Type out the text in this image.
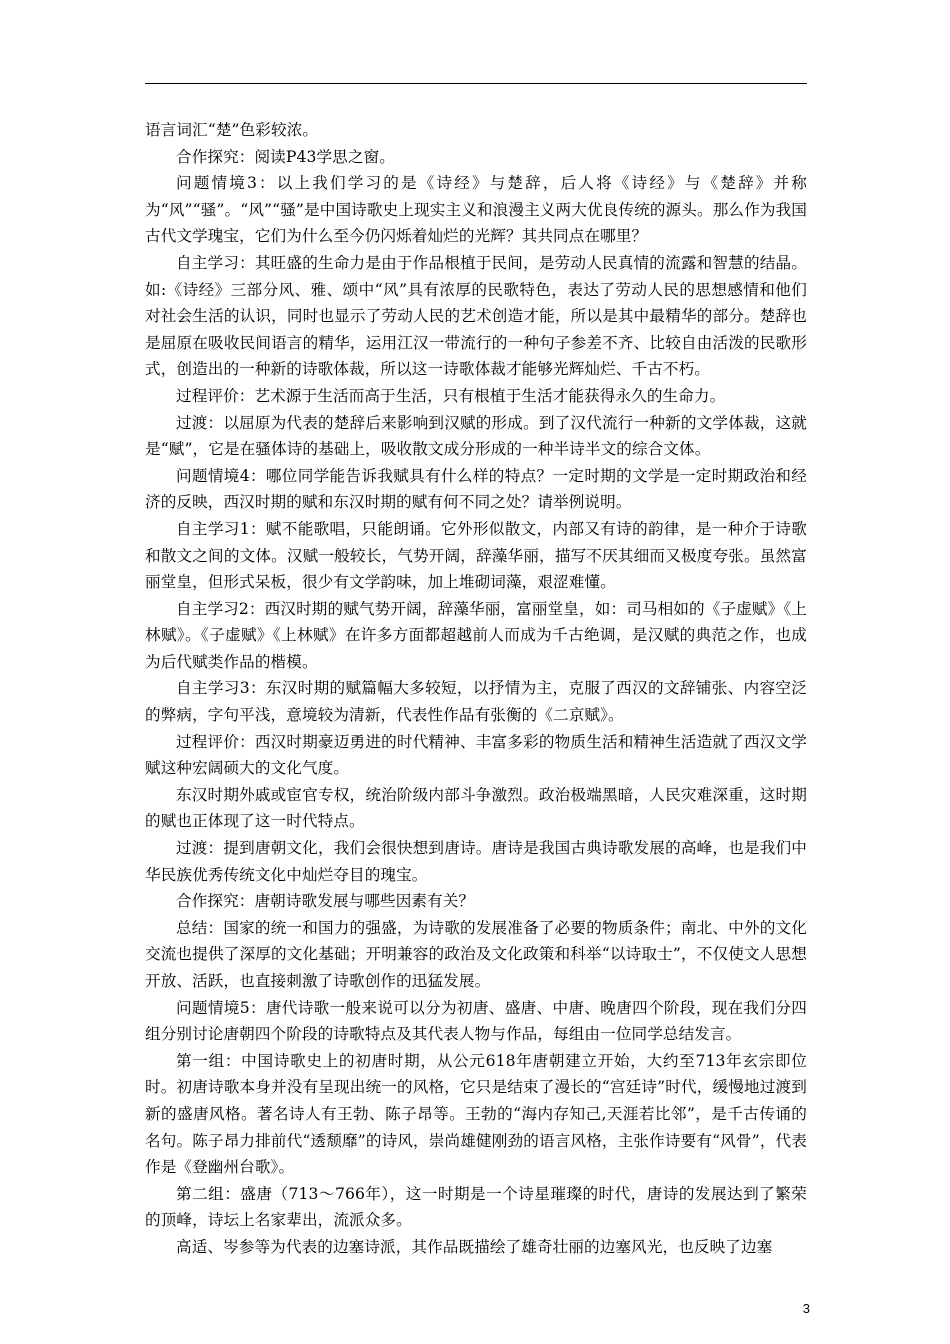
语言词汇“楚”色彩较浓。

合作探究：阅读P43学思之窗。

问题情境3：以上我们学习的是《诗经》与楚辞，后人将《诗经》与《楚辞》并称为“风”“骚”。“风”“骚”是中国诗歌史上现实主义和浪漫主义两大优良传统的源头。那么作为我国古代文学瑰宝，它们为什么至今仍闪烁着灿烂的光辉？其共同点在哪里？

自主学习：其旺盛的生命力是由于作品根植于民间，是劳动人民真情的流露和智慧的结晶。如:《诗经》三部分风、雅、颂中“风”具有浓厚的民歌特色，表达了劳动人民的思想感情和他们对社会生活的认识，同时也显示了劳动人民的艺术创造才能，所以是其中最精华的部分。楚辞也是屈原在吸收民间语言的精华，运用江汉一带流行的一种句子参差不齐、比较自由活泼的民歌形式，创造出的一种新的诗歌体裁，所以这一诗歌体裁才能够光辉灿烂、千古不朽。

过程评价：艺术源于生活而高于生活，只有根植于生活才能获得永久的生命力。

过渡：以屈原为代表的楚辞后来影响到汉赋的形成。到了汉代流行一种新的文学体裁，这就是“赋”，它是在骚体诗的基础上，吸收散文成分形成的一种半诗半文的综合文体。

问题情境4：哪位同学能告诉我赋具有什么样的特点？一定时期的文学是一定时期政治和经济的反映，西汉时期的赋和东汉时期的赋有何不同之处？请举例说明。

自主学习1：赋不能歌唱，只能朗诵。它外形似散文，内部又有诗的韵律，是一种介于诗歌和散文之间的文体。汉赋一般较长，气势开阔，辞藻华丽，描写不厌其细而又极度夸张。虽然富丽堂皇，但形式呆板，很少有文学韵味，加上堆砌词藻，艰涩难懂。

自主学习2：西汉时期的赋气势开阔，辞藻华丽，富丽堂皇，如：司马相如的《子虚赋》《上林赋》。《子虚赋》《上林赋》在许多方面都超越前人而成为千古绝调，是汉赋的典范之作，也成为后代赋类作品的楷模。

自主学习3：东汉时期的赋篇幅大多较短，以抒情为主，克服了西汉的文辞铺张、内容空泛的弊病，字句平浅，意境较为清新，代表性作品有张衡的《二京赋》。

过程评价：西汉时期豪迈勇进的时代精神、丰富多彩的物质生活和精神生活造就了西汉文学赋这种宏阔硕大的文化气度。

东汉时期外戚或宦官专权，统治阶级内部斗争激烈。政治极端黑暗，人民灾难深重，这时期的赋也正体现了这一时代特点。

过渡：提到唐朝文化，我们会很快想到唐诗。唐诗是我国古典诗歌发展的高峰，也是我们中华民族优秀传统文化中灿烂夺目的瑰宝。

合作探究：唐朝诗歌发展与哪些因素有关？

总结：国家的统一和国力的强盛，为诗歌的发展准备了必要的物质条件；南北、中外的文化交流也提供了深厚的文化基础；开明兼容的政治及文化政策和科举“以诗取士”，不仅使文人思想开放、活跃，也直接刺激了诗歌创作的迅猛发展。

问题情境5：唐代诗歌一般来说可以分为初唐、盛唐、中唐、晚唐四个阶段，现在我们分四组分别讨论唐朝四个阶段的诗歌特点及其代表人物与作品，每组由一位同学总结发言。

第一组：中国诗歌史上的初唐时期，从公元618年唐朝建立开始，大约至713年玄宗即位时。初唐诗歌本身并没有呈现出统一的风格，它只是结束了漫长的“宫廷诗”时代，缓慢地过渡到新的盛唐风格。著名诗人有王勃、陈子昂等。王勃的“海内存知己,天涯若比邻”，是千古传诵的名句。陈子昂力排前代“透颓靡”的诗风，崇尚雄健刚劲的语言风格，主张作诗要有“风骨”，代表作是《登幽州台歌》。

第二组：盛唐（713～766年），这一时期是一个诗星璀璨的时代，唐诗的发展达到了繁荣的顶峰，诗坛上名家辈出，流派众多。

高适、岑参等为代表的边塞诗派，其作品既描绘了雄奇壮丽的边塞风光，也反映了边塞

3
